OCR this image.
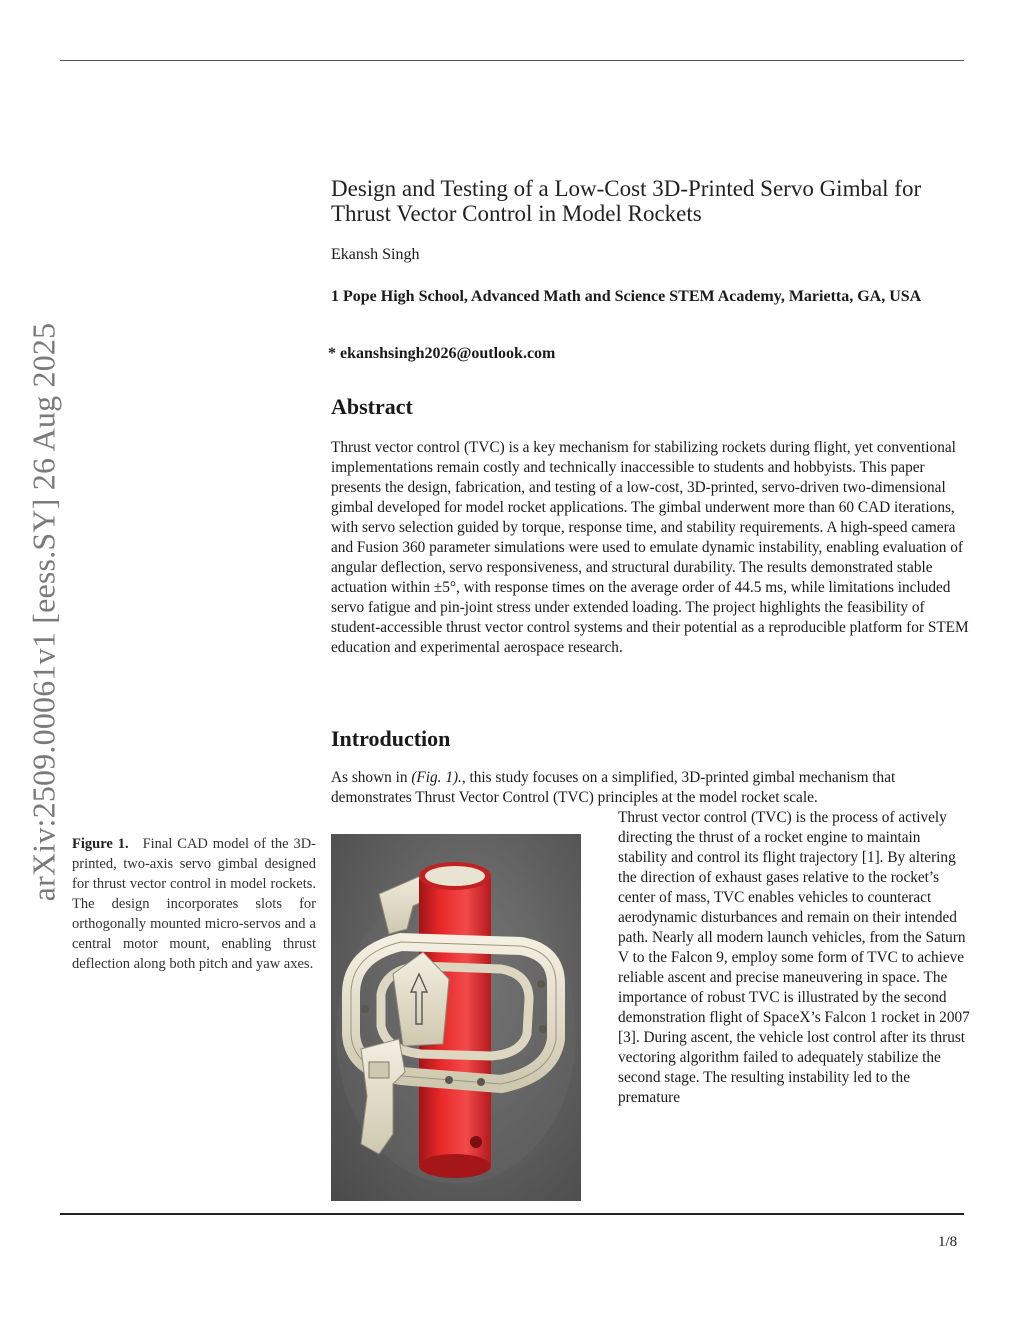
arXiv:2509.00061v1 [eess.SY] 26 Aug 2025
Design and Testing of a Low-Cost 3D-Printed Servo Gimbal for Thrust Vector Control in Model Rockets
Ekansh Singh
1 Pope High School, Advanced Math and Science STEM Academy, Marietta, GA, USA
* ekanshsingh2026@outlook.com
Abstract

Thrust vector control (TVC) is a key mechanism for stabilizing rockets during flight, yet conventional implementations remain costly and technically inaccessible to students and hobbyists. This paper presents the design, fabrication, and testing of a low-cost, 3D-printed, servo-driven two-dimensional gimbal developed for model rocket applications. The gimbal underwent more than 60 CAD iterations, with servo selection guided by torque, response time, and stability requirements. A high-speed camera and Fusion 360 parameter simulations were used to emulate dynamic instability, enabling evaluation of angular deflection, servo responsiveness, and structural durability. The results demonstrated stable actuation within ±5°, with response times on the average order of 44.5 ms, while limitations included servo fatigue and pin-joint stress under extended loading. The project highlights the feasibility of student-accessible thrust vector control systems and their potential as a reproducible platform for STEM education and experimental aerospace research.

Introduction

As shown in (Fig. 1)., this study focuses on a simplified, 3D-printed gimbal mechanism that demonstrates Thrust Vector Control (TVC) principles at the model rocket scale.

Thrust vector control (TVC) is the process of actively directing the thrust of a rocket engine to maintain stability and control its flight trajectory [1]. By altering the direction of exhaust gases relative to the rocket’s center of mass, TVC enables vehicles to counteract aerodynamic disturbances and remain on their intended path. Nearly all modern launch vehicles, from the Saturn V to the Falcon 9, employ some form of TVC to achieve reliable ascent and precise maneuvering in space. The importance of robust TVC is illustrated by the second demonstration flight of SpaceX’s Falcon 1 rocket in 2007 [3]. During ascent, the vehicle lost control after its thrust vectoring algorithm failed to adequately stabilize the second stage. The resulting instability led to the premature

Figure 1. Final CAD model of the 3D-printed, two-axis servo gimbal designed for thrust vector control in model rockets. The design incorporates slots for orthogonally mounted micro-servos and a central motor mount, enabling thrust deflection along both pitch and yaw axes.
1/8
